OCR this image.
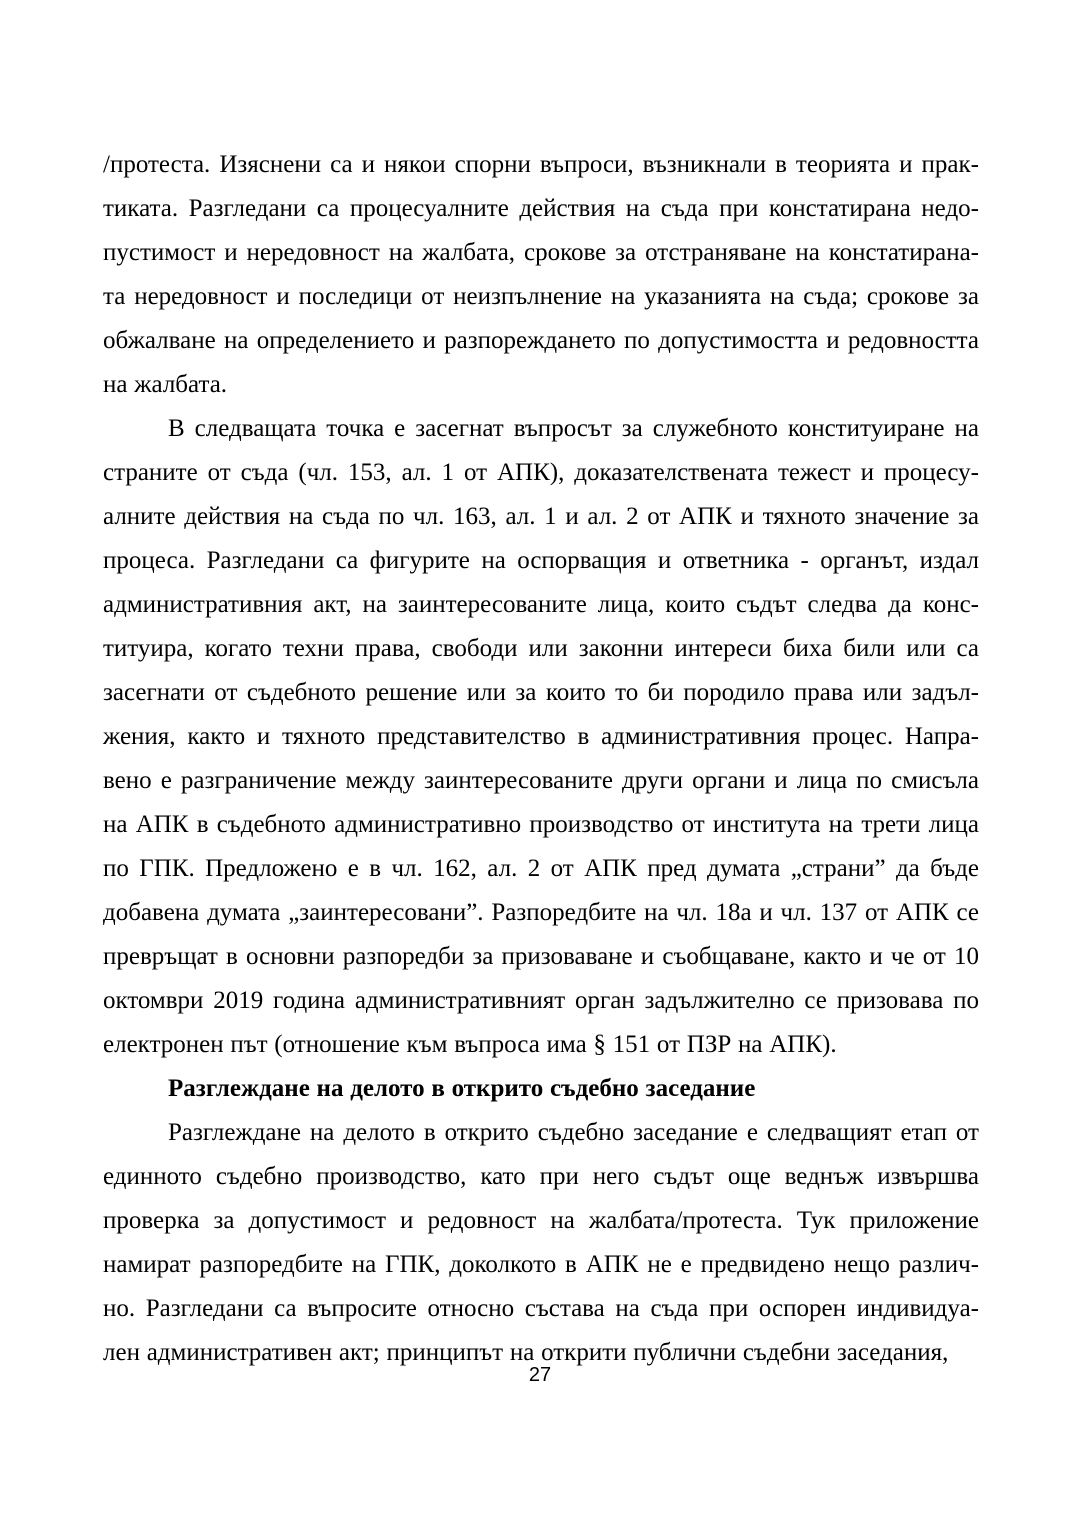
/протеста. Изяснени са и някои спорни въпроси, възникнали в теорията и прак-
тиката. Разгледани са процесуалните действия на съда при констатирана недо-
пустимост и нередовност на жалбата, срокове за отстраняване на констатирана-
та нередовност и последици от неизпълнение на указанията на съда; срокове за
обжалване на определението и разпореждането по допустимостта и редовността
на жалбата.
В следващата точка е засегнат въпросът за служебното конституиране на
страните от съда (чл. 153, ал. 1 от АПК), доказателствената тежест и процесу-
алните действия на съда по чл. 163, ал. 1 и ал. 2 от АПК и тяхното значение за
процеса. Разгледани са фигурите на оспорващия и ответника - органът, издал
административния акт, на заинтересованите лица, които съдът следва да конс-
титуира, когато техни права, свободи или законни интереси биха били или са
засегнати от съдебното решение или за които то би породило права или задъл-
жения, както и тяхното представителство в административния процес. Напра-
вено е разграничение между заинтересованите други органи и лица по смисъла
на АПК в съдебното административно производство от института на трети лица
по ГПК. Предложено е в чл. 162, ал. 2 от АПК пред думата „страни” да бъде
добавена думата „заинтересовани”. Разпоредбите на чл. 18а и чл. 137 от АПК се
превръщат в основни разпоредби за призоваване и съобщаване, както и че от 10
октомври 2019 година административният орган задължително се призовава по
електронен път (отношение към въпроса има § 151 от ПЗР на АПК).
Разглеждане на делото в открито съдебно заседание
Разглеждане на делото в открито съдебно заседание е следващият етап от
единното съдебно производство, като при него съдът още веднъж извършва
проверка за допустимост и редовност на жалбата/протеста. Тук приложение
намират разпоредбите на ГПК, доколкото в АПК не е предвидено нещо различ-
но. Разгледани са въпросите относно състава на съда при оспорен индивидуа-
лен административен акт; принципът на открити публични съдебни заседания,
27
